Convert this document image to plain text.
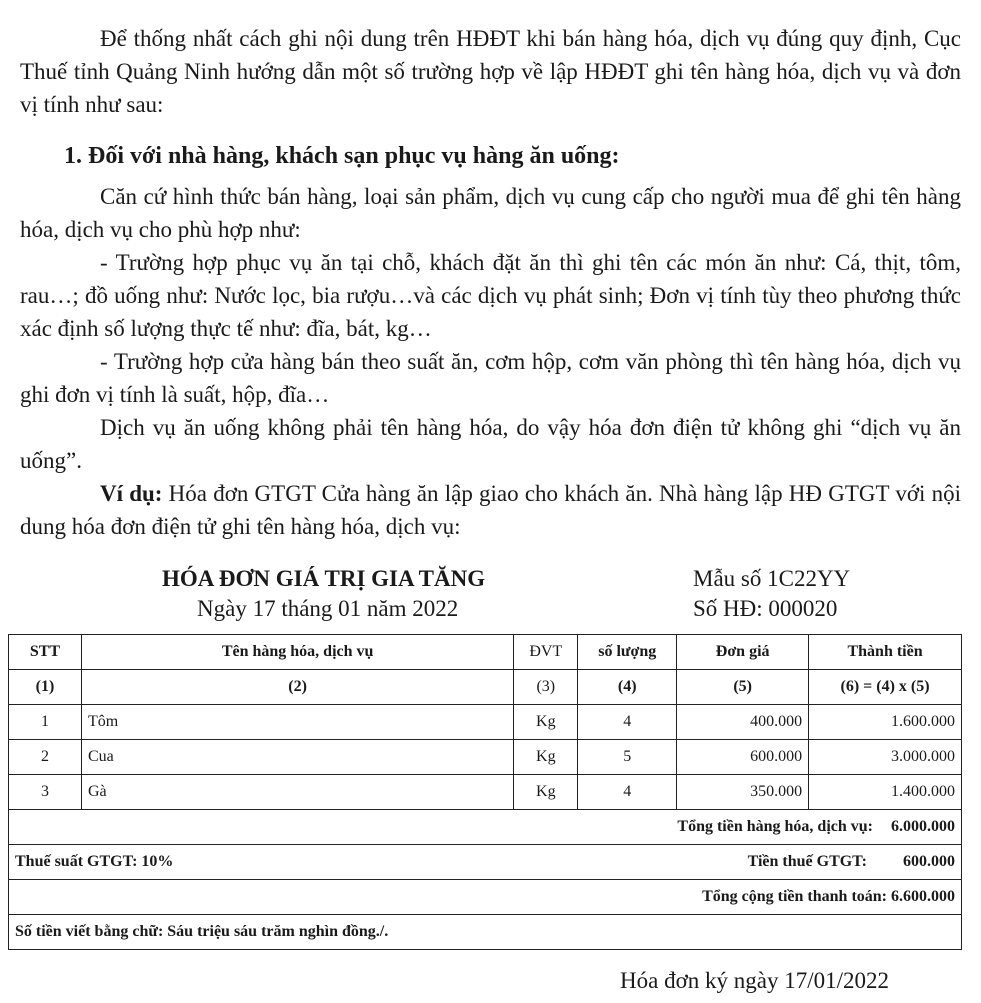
Để thống nhất cách ghi nội dung trên HĐĐT khi bán hàng hóa, dịch vụ đúng quy định, Cục Thuế tỉnh Quảng Ninh hướng dẫn một số trường hợp về lập HĐĐT ghi tên hàng hóa, dịch vụ và đơn vị tính như sau:

1. Đối với nhà hàng, khách sạn phục vụ hàng ăn uống:

Căn cứ hình thức bán hàng, loại sản phẩm, dịch vụ cung cấp cho người mua để ghi tên hàng hóa, dịch vụ cho phù hợp như:

- Trường hợp phục vụ ăn tại chỗ, khách đặt ăn thì ghi tên các món ăn như: Cá, thịt, tôm, rau…; đồ uống như: Nước lọc, bia rượu…và các dịch vụ phát sinh; Đơn vị tính tùy theo phương thức xác định số lượng thực tế như: đĩa, bát, kg…

- Trường hợp cửa hàng bán theo suất ăn, cơm hộp, cơm văn phòng thì tên hàng hóa, dịch vụ ghi đơn vị tính là suất, hộp, đĩa…

Dịch vụ ăn uống không phải tên hàng hóa, do vậy hóa đơn điện tử không ghi “dịch vụ ăn uống”.

Ví dụ: Hóa đơn GTGT Cửa hàng ăn lập giao cho khách ăn. Nhà hàng lập HĐ GTGT với nội dung hóa đơn điện tử ghi tên hàng hóa, dịch vụ:

HÓA ĐƠN GIÁ TRỊ GIA TĂNG
Ngày 17 tháng 01 năm 2022
Mẫu số 1C22YY
Số HĐ: 000020
STT	Tên hàng hóa, dịch vụ	ĐVT	số lượng	Đơn giá	Thành tiền
(1)	(2)	(3)	(4)	(5)	(6) = (4) x (5)
1	Tôm	Kg	4	400.000	1.600.000
2	Cua	Kg	5	600.000	3.000.000
3	Gà	Kg	4	350.000	1.400.000
Tổng tiền hàng hóa, dịch vụ: 6.000.000					
Thuế suất GTGT: 10% Tiền thuế GTGT: 600.000					

Tổng cộng tiền thanh toán: 6.600.000					
Số tiền viết bằng chữ: Sáu triệu sáu trăm nghìn đồng./.					
Hóa đơn ký ngày 17/01/2022
